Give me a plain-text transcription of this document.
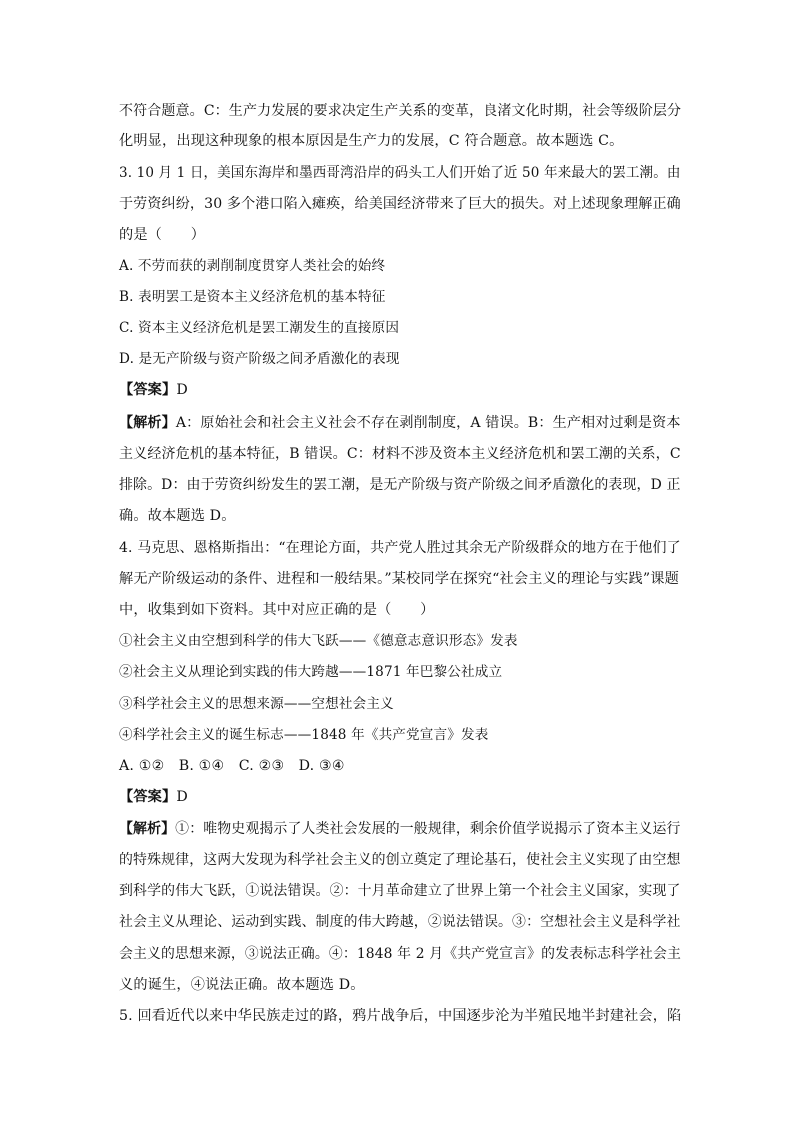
不符合题意。C：生产力发展的要求决定生产关系的变革，良渚文化时期，社会等级阶层分
化明显，出现这种现象的根本原因是生产力的发展，C 符合题意。故本题选 C。
3. 10 月 1 日，美国东海岸和墨西哥湾沿岸的码头工人们开始了近 50 年来最大的罢工潮。由
于劳资纠纷，30 多个港口陷入瘫痪，给美国经济带来了巨大的损失。对上述现象理解正确
的是（　　）
A. 不劳而获的剥削制度贯穿人类社会的始终
B. 表明罢工是资本主义经济危机的基本特征
C. 资本主义经济危机是罢工潮发生的直接原因
D. 是无产阶级与资产阶级之间矛盾激化的表现
【答案】D
【解析】A：原始社会和社会主义社会不存在剥削制度，A 错误。B：生产相对过剩是资本
主义经济危机的基本特征，B 错误。C：材料不涉及资本主义经济危机和罢工潮的关系，C
排除。D：由于劳资纠纷发生的罢工潮，是无产阶级与资产阶级之间矛盾激化的表现，D 正
确。故本题选 D。
4. 马克思、恩格斯指出：“在理论方面，共产党人胜过其余无产阶级群众的地方在于他们了
解无产阶级运动的条件、进程和一般结果。”某校同学在探究“社会主义的理论与实践”课题
中，收集到如下资料。其中对应正确的是（　　）
①社会主义由空想到科学的伟大飞跃——《德意志意识形态》发表
②社会主义从理论到实践的伟大跨越——1871 年巴黎公社成立
③科学社会主义的思想来源——空想社会主义
④科学社会主义的诞生标志——1848 年《共产党宣言》发表
A. ①②　B. ①④　C. ②③　D. ③④
【答案】D
【解析】①：唯物史观揭示了人类社会发展的一般规律，剩余价值学说揭示了资本主义运行
的特殊规律，这两大发现为科学社会主义的创立奠定了理论基石，使社会主义实现了由空想
到科学的伟大飞跃，①说法错误。②：十月革命建立了世界上第一个社会主义国家，实现了
社会主义从理论、运动到实践、制度的伟大跨越，②说法错误。③：空想社会主义是科学社
会主义的思想来源，③说法正确。④：1848 年 2 月《共产党宣言》的发表标志科学社会主
义的诞生，④说法正确。故本题选 D。
5. 回看近代以来中华民族走过的路，鸦片战争后，中国逐步沦为半殖民地半封建社会，陷
